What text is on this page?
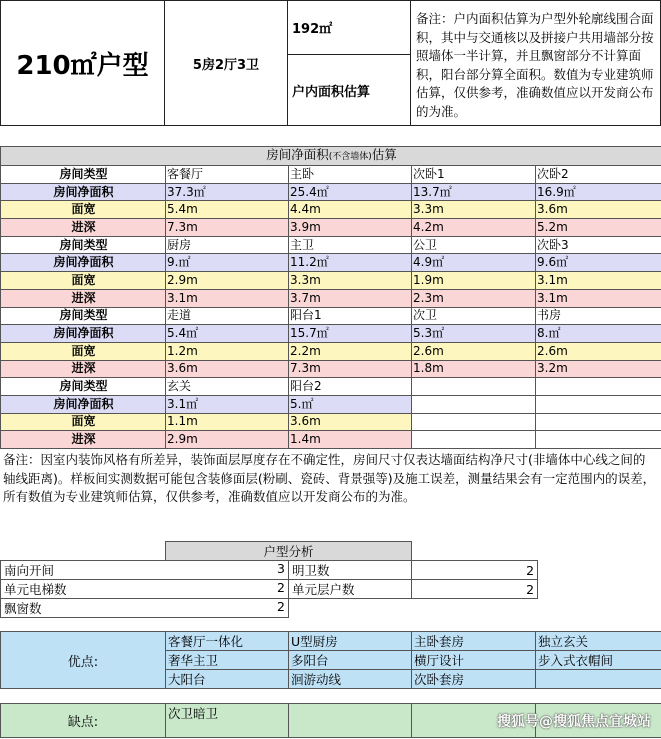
210㎡户型	5房2厅3卫
192㎡
户内面积估算
备注：户内面积估算为户型外轮廓线围合面积，其中与交通核以及拼接户共用墙部分按照墙体一半计算，并且飘窗部分不计算面积，阳台部分算全面积。数值为专业建筑师估算，仅供参考，准确数值应以开发商公布的为准。
房间净面积(不含墙体)估算				
房间类型	客餐厅	主卧	次卧1	次卧2
房间净面积	37.3㎡	25.4㎡	13.7㎡	16.9㎡
面宽	5.4m	4.4m	3.3m	3.6m
进深	7.3m	3.9m	4.2m	5.2m
房间类型	厨房	主卫	公卫	次卧3
房间净面积	9.㎡	11.2㎡	4.9㎡	9.6㎡
面宽	2.9m	3.3m	1.9m	3.1m
进深	3.1m	3.7m	2.3m	3.1m
房间类型	走道	阳台1	次卫	书房
房间净面积	5.4㎡	15.7㎡	5.3㎡	8.㎡
面宽	1.2m	2.2m	2.6m	2.6m
进深	3.6m	7.3m	1.8m	3.2m
房间类型	玄关	阳台2		
房间净面积	3.1㎡	5.㎡		
面宽	1.1m	3.6m		
进深	2.9m	1.4m		
备注：因室内装饰风格有所差异，装饰面层厚度存在不确定性，房间尺寸仅表达墙面结构净尺寸(非墙体中心线之间的轴线距离)。样板间实测数据可能包含装修面层(粉刷、瓷砖、背景强等)及施工误差，测量结果会有一定范围内的误差，所有数值为专业建筑师估算，仅供参考，准确数值应以开发商公布的为准。
	户型分析		
南向开间 3		明卫数	2
单元电梯数 2		单元层户数	2
飘窗数 2			

优点:	客餐厅一体化	U型厨房	主卧套房	独立玄关
	奢华主卫	多阳台	横厅设计	步入式衣帽间
	大阳台	洄游动线	次卧套房	
缺点:	次卫暗卫			
搜狐号@搜狐焦点宜城站
